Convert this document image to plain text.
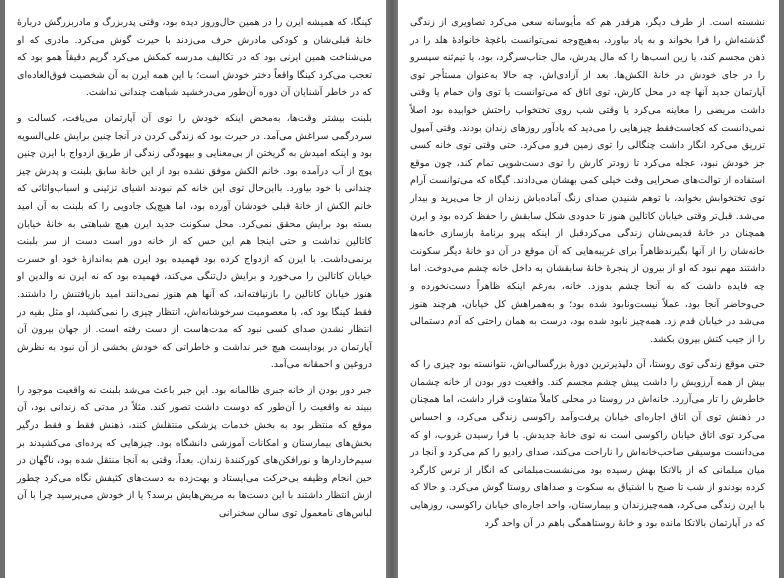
کینگا، که همیشه ایرن را در همین حال‌وروز دیده بود، وقتی پدربزرگ و مادربزرگش درباره‌ٔ خانه‌ٔ قبلی‌شان و کودکی مادرش حرف می‌زدند با حیرت گوش می‌کرد. مادری که او می‌شناخت همین ایرنی بود که در تکالیف مدرسه کمکش می‌کرد گریم دقیقاً همو بود که تعجب می‌کرد کینگا واقعاً دختر خودش است؛ با این همه ایرن به آن شخصیت فوق‌العاده‌ای که در خاطر آشنایان آن دوره آن‌طور می‌درخشید شباهت چندانی نداشت.

بلبنت بیشتر وقت‌ها، به‌محض اینکه خودش را توی آن آپارتمان می‌یافت، کسالت و سردرگمی سراغش می‌آمد. در حیرت بود که زندگی کردن در آنجا چنین برایش علی‌السویه بود و اینکه امیدش به گریختن از بی‌معنایی و بیهودگی زندگی از طریق ازدواج با ایرن چنین پوچ از آب درآمده بود. خانم الکش موفق نشده بود از این خانه‌ٔ سابق بلبنت و پدرش چیز چندانی با خود بیاورد. بااین‌حال توی این خانه کم نبودند اشیای تزئینی و اسباب‌واثاثی که خانم الکش از خانه‌ٔ قبلی خودشان آورده بود، اما هیچ‌یک جادویی را که بلبنت به آن امید بسته بود برایش محقق نمی‌کرد. محل سکونت جدید ایرن هیچ شباهتی به خانه‌ٔ خیابان کاتالین نداشت و حتی اینجا هم این حس که از خانه دور است دست از سر بلبنت برنمی‌داشت. با ایرن که ازدواج کرده بود فهمیده بود ایرن هم به‌اندازه‌ٔ خود او حسرت خیابان کاتالین را می‌خورد و برایش دل‌تنگی می‌کند، فهمیده بود که نه ایرن نه والدین او هنوز خیابان کاتالین را بازنیافته‌اند، که آنها هم هنوز نمی‌دانند امید بازیافتنش را داشتند. فقط کینگا بود که، با معصومیت سرخوشانه‌اش، انتظار چیزی را نمی‌کشید، او مثل بقیه در انتظار نشدن صدای کسی نبود که مدت‌هاست از دست رفته است. از جهان بیرون آن آپارتمان در بودایست هیچ خبر نداشت و خاطراتی که خودش بخشی از آن نبود به نظرش دروغین و احمقانه می‌آمد.

جبر دور بودن از خانه جبری ظالمانه بود. این جبر باعث می‌شد بلبنت نه واقعیت موجود را ببیند نه واقعیت را آن‌طور که دوست داشت تصور کند. مثلاً در مدتی که زندانی بود، آن موقع که منتظر بود به بخش خدمات پزشکی منتقلش کنند، ذهنش فقط و فقط درگیر بخش‌های بیمارستان و امکانات آموزشی دانشگاه بود. چیزهایی که پرده‌ای می‌کشیدند بر سیم‌خاردارها و نورافکن‌های کورکننده‌ٔ زندان. بعداً، وقتی به آنجا منتقل شده بود، ناگهان در حین انجام وظیفه بی‌حرکت می‌ایستاد و بهت‌زده به دست‌های کثیفش نگاه می‌کرد چطور ازش انتظار داشتند با این دست‌ها به مریض‌هایش برسد؟ یا از خودش می‌پرسید چرا با آن لباس‌های نامعمول توی سالن سخنرانی

نشسته است. از طرف دیگر، هرقدر هم که مأیوسانه سعی می‌کرد تصاویری از زندگی گذشته‌اش را فرا بخواند و به یاد بیاورد، به‌هیچ‌وجه نمی‌توانست باغچه‌ٔ خانواده‌ٔ هلد را در ذهن مجسم کند، یا زین اسب‌ها را که مال پدرش، مال جناب‌سرگرد، بود، یا تیم‌ثنه سپسرو را در جای خودش در خانه‌ٔ الکش‌ها. بعد از آزادی‌اش، چه حالا به‌عنوان مستأجر توی آپارتمان جدید آنها چه در محل کارش، توی اتاق که می‌توانست یا توی وان حمام یا وقتی داشت مریضی را معاینه می‌کرد یا وقتی شب روی تختخواب راحتش خوابیده بود اصلاً نمی‌دانست که کجاست‌فقط چیزهایی را می‌دید که یادآور روزهای زندان بودند. وقتی آمپول تزریق می‌کرد انگار داشت چنگالی را توی زمین فرو می‌کرد. حتی وقتی توی خانه کسی جز خودش نبود، عجله می‌کرد تا زودتر کارش را توی دست‌شویی تمام کند، چون موقع استفاده از توالت‌های صحرایی وقت خیلی کمی بهشان می‌دادند. گیگاه که می‌توانست آرام توی تختخوابش بخوابد، با توهم شنیدن صدای زنگ آماده‌باش زندان از جا می‌پرید و بیدار می‌شد. قبل‌تر وقتی خیابان کاتالین هنوز تا حدودی شکل سابقش را حفظ کرده بود و ایرن همچنان در خانه‌ٔ قدیمی‌شان زندگی می‌کردقبل از اینکه پیرو برنامه‌ٔ بازسازی خانه‌ها خانه‌شان را از آنها بگیرند‌ظاهراً برای غریبه‌هایی که آن موقع در آن دو خانه‌ٔ دیگر سکونت داشتند مهم نبود که او از بیرون از پنجره‌ٔ خانه‌ٔ سابقشان به داخل خانه چشم می‌دوخت. اما چه فایده داشت که به آنجا چشم بدوزد. خانه، به‌رغم اینکه ظاهراً دست‌نخورده و حی‌وحاضر آنجا بود، عملاً نیست‌ونابود شده بود؛ و به‌همراهش کل خیابان، هرچند هنوز می‌شد در خیابان قدم زد. همه‌چیز نابود شده بود، درست به همان راحتی که آدم دستمالی را از جیب کتش بیرون بکشد.

حتی موقع زندگی توی روستا، آن دلپذیرترین دوره‌ٔ بزرگسالی‌اش، نتوانسته بود چیزی را که بیش از همه آرزویش را داشت پیش چشم مجسم کند. واقعیت دور بودن از خانه چشمان خاطرش را تار می‌آزرد. خانه‌اش در روستا در محلی کاملاً متفاوت قرار داشت، اما همچنان در ذهنش توی آن اتاق اجاره‌ای خیابان پرفت‌وآمد راکوسی زندگی می‌کرد، و احساس می‌کرد توی اتاق خیابان راکوسی است نه توی خانه‌ٔ جدیدش. با فرا رسیدن غروب، او که می‌دانست موسیقی صاحب‌خانه‌اش را ناراحت می‌کند، صدای رادیو را کم می‌کرد و آنجا در میان مبلمانی که از بالاتکا بهش رسیده بود می‌نشست‌مبلمانی که انگار از ترس کارگرد کرده بودندو از شب تا صبح با اشتیاق به سکوت و صداهای روستا گوش می‌کرد. و حالا که با ایرن زندگی می‌کرد، همه‌چیززندان و بیمارستان، واحد اجاره‌ای خیابان راکوسی، روزهایی که در آپارتمان بالاتکا مانده بود و خانه‌ٔ روستاهمگی باهم در آن واحد گرد
